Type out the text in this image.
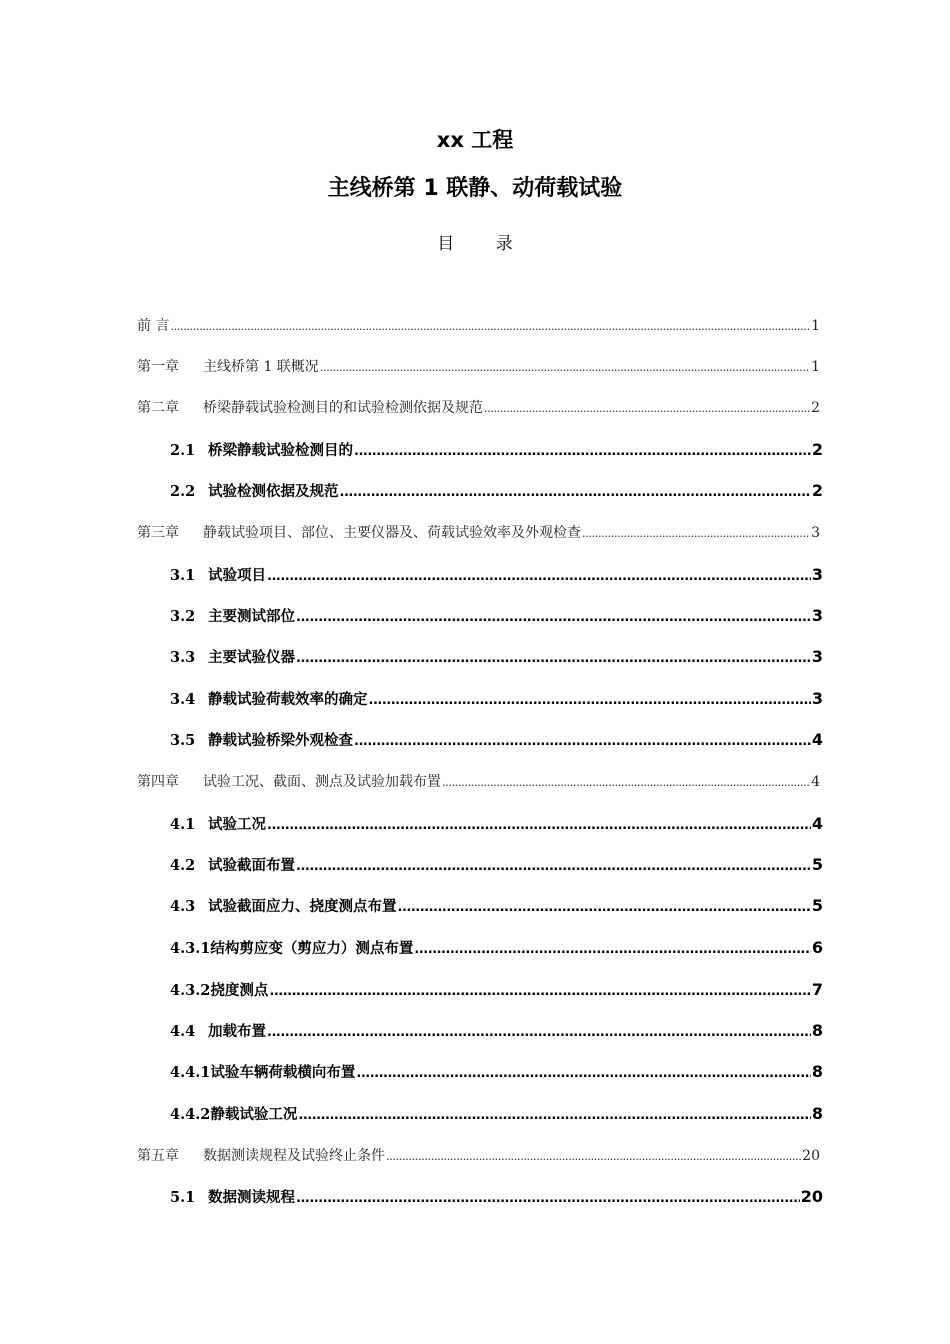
xx 工程
主线桥第 1 联静、动荷载试验
目 录
前 言 .....	1
第一章 主线桥第 1 联概况 .....	1
第二章 桥梁静载试验检测目的和试验检测依据及规范 .....	2
2.1 桥梁静载试验检测目的 .....	2
2.2 试验检测依据及规范 .....	2
第三章 静载试验项目、部位、主要仪器及、荷载试验效率及外观检查 .....	3
3.1 试验项目 .....	3
3.2 主要测试部位 .....	3
3.3 主要试验仪器 .....	3
3.4 静载试验荷载效率的确定 .....	3
3.5 静载试验桥梁外观检查 .....	4
第四章 试验工况、截面、测点及试验加载布置 .....	4
4.1 试验工况 .....	4
4.2 试验截面布置 .....	5
4.3 试验截面应力、挠度测点布置 .....	5
4.3.1结构剪应变（剪应力）测点布置 .....	6
4.3.2挠度测点 .....	7
4.4 加载布置 .....	8
4.4.1试验车辆荷载横向布置 .....	8
4.4.2静载试验工况 .....	8
第五章 数据测读规程及试验终止条件 .....	20
5.1 数据测读规程 .....	20
